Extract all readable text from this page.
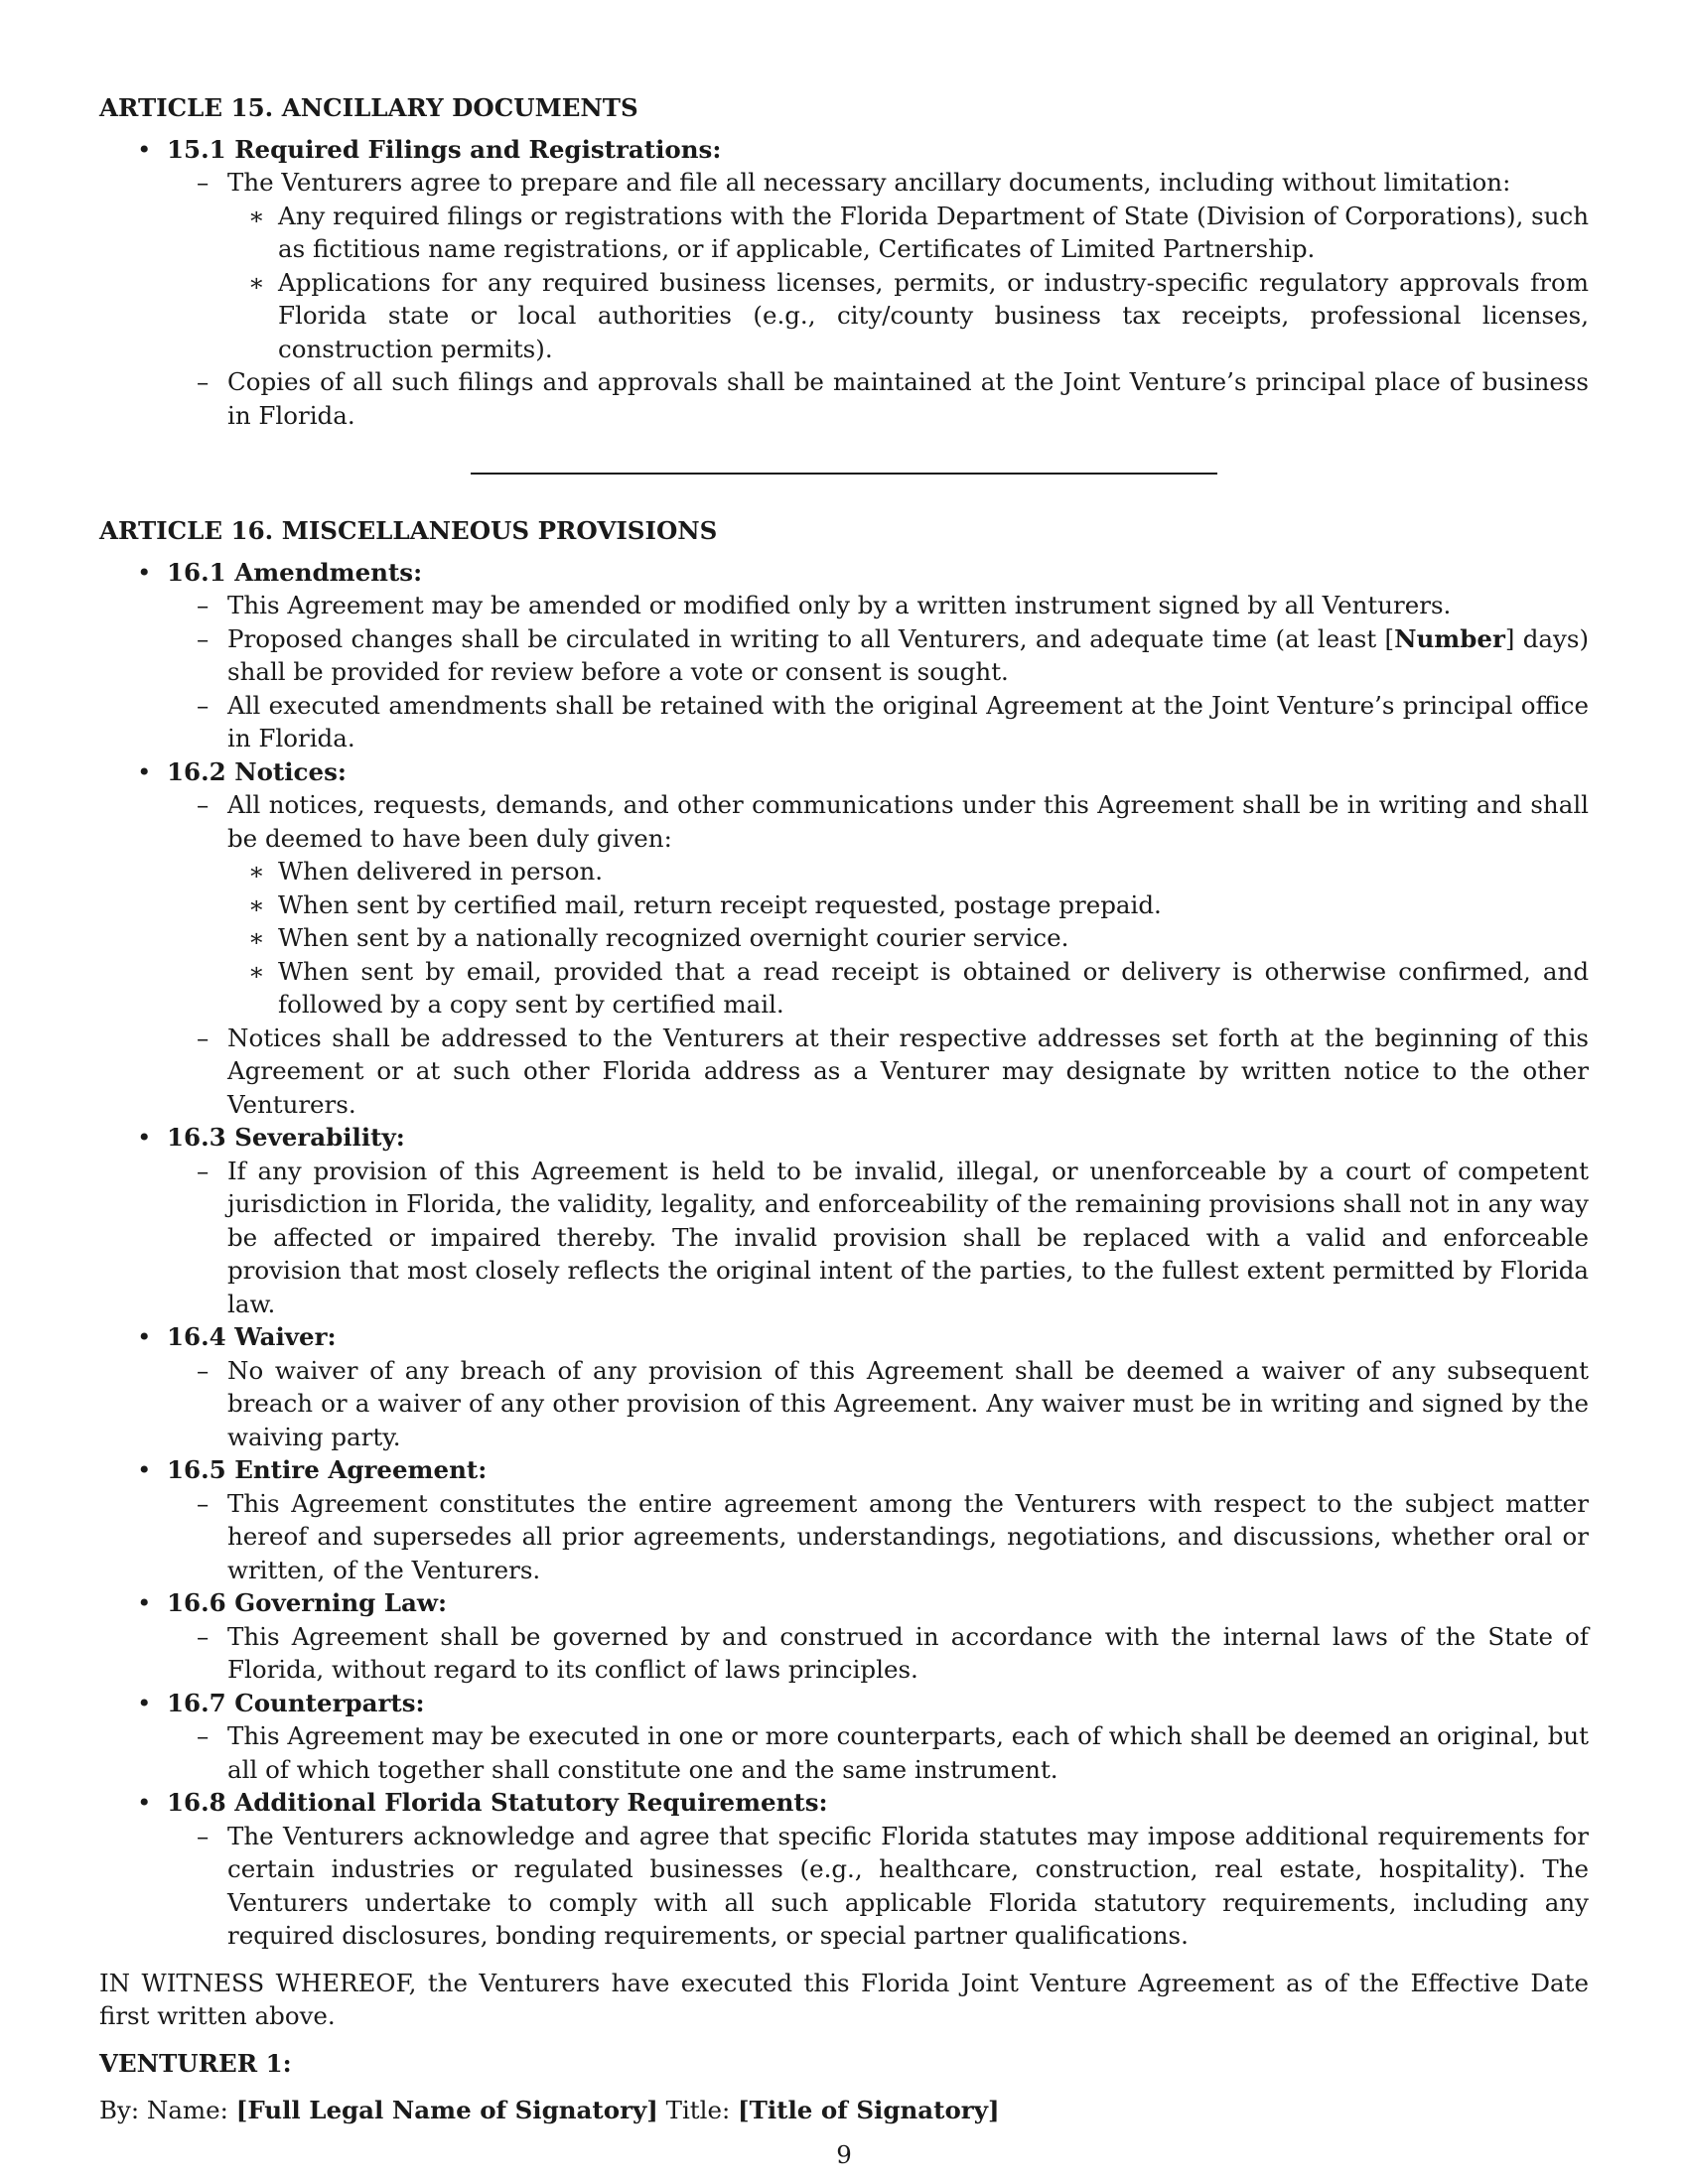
ARTICLE 15. ANCILLARY DOCUMENTS
• 15.1 Required Filings and Registrations:
– The Venturers agree to prepare and file all necessary ancillary documents, including without limitation:
∗ Any required filings or registrations with the Florida Department of State (Division of Corporations), such as fictitious name registrations, or if applicable, Certificates of Limited Partnership.
∗ Applications for any required business licenses, permits, or industry-specific regulatory approvals from Florida state or local authorities (e.g., city/county business tax receipts, professional licenses, construction permits).
– Copies of all such filings and approvals shall be maintained at the Joint Venture’s principal place of business in Florida.
ARTICLE 16. MISCELLANEOUS PROVISIONS
• 16.1 Amendments:
– This Agreement may be amended or modified only by a written instrument signed by all Venturers.
– Proposed changes shall be circulated in writing to all Venturers, and adequate time (at least [Number] days) shall be provided for review before a vote or consent is sought.
– All executed amendments shall be retained with the original Agreement at the Joint Venture’s principal office in Florida.
• 16.2 Notices:
– All notices, requests, demands, and other communications under this Agreement shall be in writing and shall be deemed to have been duly given:
∗ When delivered in person.
∗ When sent by certified mail, return receipt requested, postage prepaid.
∗ When sent by a nationally recognized overnight courier service.
∗ When sent by email, provided that a read receipt is obtained or delivery is otherwise confirmed, and followed by a copy sent by certified mail.
– Notices shall be addressed to the Venturers at their respective addresses set forth at the beginning of this Agreement or at such other Florida address as a Venturer may designate by written notice to the other Venturers.
• 16.3 Severability:
– If any provision of this Agreement is held to be invalid, illegal, or unenforceable by a court of competent jurisdiction in Florida, the validity, legality, and enforceability of the remaining provisions shall not in any way be affected or impaired thereby. The invalid provision shall be replaced with a valid and enforceable provision that most closely reflects the original intent of the parties, to the fullest extent permitted by Florida law.
• 16.4 Waiver:
– No waiver of any breach of any provision of this Agreement shall be deemed a waiver of any subsequent breach or a waiver of any other provision of this Agreement. Any waiver must be in writing and signed by the waiving party.
• 16.5 Entire Agreement:
– This Agreement constitutes the entire agreement among the Venturers with respect to the subject matter hereof and supersedes all prior agreements, understandings, negotiations, and discussions, whether oral or written, of the Venturers.
• 16.6 Governing Law:
– This Agreement shall be governed by and construed in accordance with the internal laws of the State of Florida, without regard to its conflict of laws principles.
• 16.7 Counterparts:
– This Agreement may be executed in one or more counterparts, each of which shall be deemed an original, but all of which together shall constitute one and the same instrument.
• 16.8 Additional Florida Statutory Requirements:
– The Venturers acknowledge and agree that specific Florida statutes may impose additional requirements for certain industries or regulated businesses (e.g., healthcare, construction, real estate, hospitality). The Venturers undertake to comply with all such applicable Florida statutory requirements, including any required disclosures, bonding requirements, or special partner qualifications.
IN WITNESS WHEREOF, the Venturers have executed this Florida Joint Venture Agreement as of the Effective Date first written above.
VENTURER 1:
By: Name: [Full Legal Name of Signatory] Title: [Title of Signatory]
9
